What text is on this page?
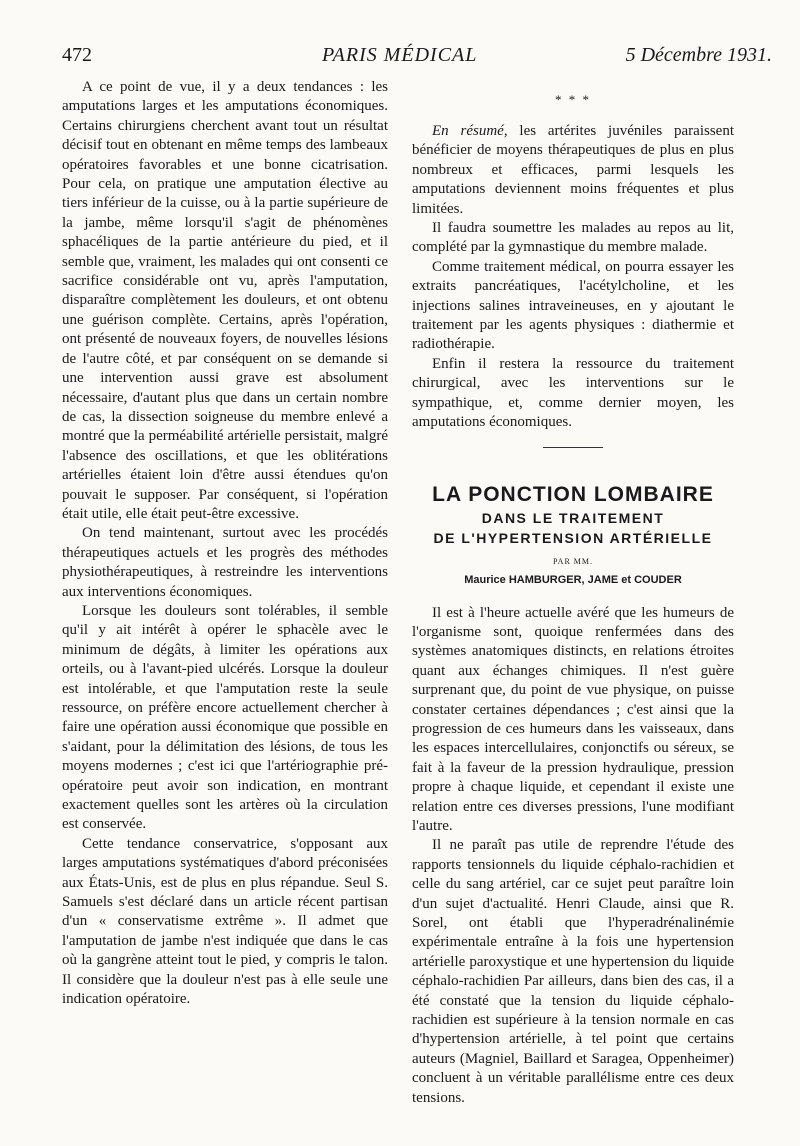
472	PARIS MÉDICAL	5 Décembre 1931.

A ce point de vue, il y a deux tendances : les amputations larges et les amputations économiques. Certains chirurgiens cherchent avant tout un résultat décisif tout en obtenant en même temps des lambeaux opératoires favorables et une bonne cicatrisation. Pour cela, on pratique une amputation élective au tiers inférieur de la cuisse, ou à la partie supérieure de la jambe, même lorsqu'il s'agit de phénomènes sphacéliques de la partie antérieure du pied, et il semble que, vraiment, les malades qui ont consenti ce sacrifice considérable ont vu, après l'amputation, disparaître complètement les douleurs, et ont obtenu une guérison complète. Certains, après l'opération, ont présenté de nouveaux foyers, de nouvelles lésions de l'autre côté, et par conséquent on se demande si une intervention aussi grave est absolument nécessaire, d'autant plus que dans un certain nombre de cas, la dissection soigneuse du membre enlevé a montré que la perméabilité artérielle persistait, malgré l'absence des oscillations, et que les oblitérations artérielles étaient loin d'être aussi étendues qu'on pouvait le supposer. Par conséquent, si l'opération était utile, elle était peut-être excessive.

On tend maintenant, surtout avec les procédés thérapeutiques actuels et les progrès des méthodes physiothérapeutiques, à restreindre les interventions aux interventions économiques.

Lorsque les douleurs sont tolérables, il semble qu'il y ait intérêt à opérer le sphacèle avec le minimum de dégâts, à limiter les opérations aux orteils, ou à l'avant-pied ulcérés. Lorsque la douleur est intolérable, et que l'amputation reste la seule ressource, on préfère encore actuellement chercher à faire une opération aussi économique que possible en s'aidant, pour la délimitation des lésions, de tous les moyens modernes ; c'est ici que l'artériographie pré-opératoire peut avoir son indication, en montrant exactement quelles sont les artères où la circulation est conservée.

Cette tendance conservatrice, s'opposant aux larges amputations systématiques d'abord préconisées aux États-Unis, est de plus en plus répandue. Seul S. Samuels s'est déclaré dans un article récent partisan d'un « conservatisme extrême ». Il admet que l'amputation de jambe n'est indiquée que dans le cas où la gangrène atteint tout le pied, y compris le talon. Il considère que la douleur n'est pas à elle seule une indication opératoire.

* * *

En résumé, les artérites juvéniles paraissent bénéficier de moyens thérapeutiques de plus en plus nombreux et efficaces, parmi lesquels les amputations deviennent moins fréquentes et plus limitées.

Il faudra soumettre les malades au repos au lit, complété par la gymnastique du membre malade.

Comme traitement médical, on pourra essayer les extraits pancréatiques, l'acétylcholine, et les injections salines intraveineuses, en y ajoutant le traitement par les agents physiques : diathermie et radiothérapie.

Enfin il restera la ressource du traitement chirurgical, avec les interventions sur le sympathique, et, comme dernier moyen, les amputations économiques.

LA PONCTION LOMBAIRE
DANS LE TRAITEMENT
DE L'HYPERTENSION ARTÉRIELLE
PAR MM.
Maurice HAMBURGER, JAME et COUDER

Il est à l'heure actuelle avéré que les humeurs de l'organisme sont, quoique renfermées dans des systèmes anatomiques distincts, en relations étroites quant aux échanges chimiques. Il n'est guère surprenant que, du point de vue physique, on puisse constater certaines dépendances ; c'est ainsi que la progression de ces humeurs dans les vaisseaux, dans les espaces intercellulaires, conjonctifs ou séreux, se fait à la faveur de la pression hydraulique, pression propre à chaque liquide, et cependant il existe une relation entre ces diverses pressions, l'une modifiant l'autre.

Il ne paraît pas utile de reprendre l'étude des rapports tensionnels du liquide céphalo-rachidien et celle du sang artériel, car ce sujet peut paraître loin d'un sujet d'actualité. Henri Claude, ainsi que R. Sorel, ont établi que l'hyperadrénalinémie expérimentale entraîne à la fois une hypertension artérielle paroxystique et une hypertension du liquide céphalo-rachidien Par ailleurs, dans bien des cas, il a été constaté que la tension du liquide céphalo-rachidien est supérieure à la tension normale en cas d'hypertension artérielle, à tel point que certains auteurs (Magniel, Baillard et Saragea, Oppenheimer) concluent à un véritable parallélisme entre ces deux tensions.
